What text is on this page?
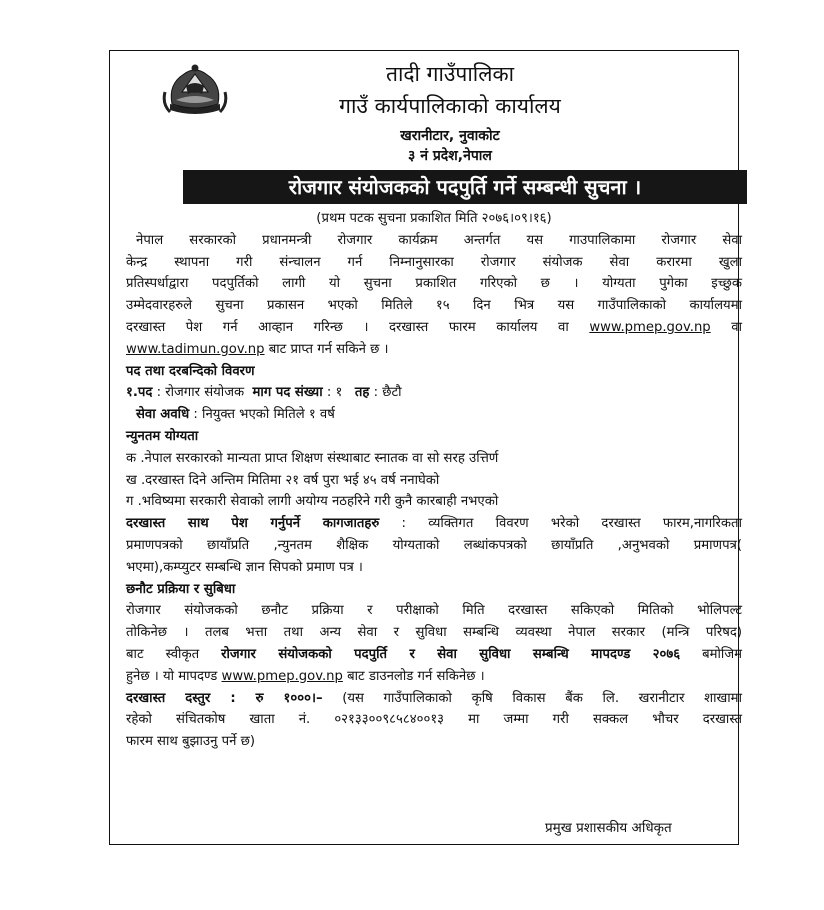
तादी गाउँपालिका
गाउँ कार्यपालिकाको कार्यालय
खरानीटार, नुवाकोट
३ नं प्रदेश,नेपाल
रोजगार संयोजकको पदपुर्ति गर्ने सम्बन्धी सुचना ।
(प्रथम पटक सुचना प्रकाशित मिति २०७६।०९।१६)
नेपाल सरकारको प्रधानमन्त्री रोजगार कार्यक्रम अन्तर्गत यस गाउपालिकामा रोजगार सेवा
केन्द्र स्थापना गरी संन्चालन गर्न निम्नानुसारका रोजगार संयोजक सेवा करारमा खुला
प्रतिस्पर्धाद्वारा पदपुर्तिको लागी यो सुचना प्रकाशित गरिएको छ । योग्यता पुगेका इच्छुक
उम्मेदवारहरुले सुचना प्रकासन भएको मितिले १५ दिन भित्र यस गाउँपालिकाको कार्यालयमा
दरखास्त पेश गर्न आव्हान गरिन्छ । दरखास्त फारम कार्यालय वा www.pmep.gov.np वा
www.tadimun.gov.np बाट प्राप्त गर्न सकिने छ ।
पद तथा दरबन्दिको विवरण
१.पद : रोजगार संयोजक माग पद संख्या : १ तह : छैटौ
सेवा अवधि : नियुक्त भएको मितिले १ वर्ष
न्युनतम योग्यता
क .नेपाल सरकारको मान्यता प्राप्त शिक्षण संस्थाबाट स्नातक वा सो सरह उत्तिर्ण
ख .दरखास्त दिने अन्तिम मितिमा २१ वर्ष पुरा भई ४५ वर्ष ननाघेको
ग .भविष्यमा सरकारी सेवाको लागी अयोग्य नठहरिने गरी कुनै कारबाही नभएको
दरखास्त साथ पेश गर्नुपर्ने कागजातहरु : व्यक्तिगत विवरण भरेको दरखास्त फारम,नागरिकता
प्रमाणपत्रको छायाँप्रति ,न्युनतम शैक्षिक योग्यताको लब्धांकपत्रको छायाँप्रति ,अनुभवको प्रमाणपत्र(
भएमा),कम्प्युटर सम्बन्धि ज्ञान सिपको प्रमाण पत्र ।
छनौट प्रक्रिया र सुबिधा
रोजगार संयोजकको छनौट प्रक्रिया र परीक्षाको मिति दरखास्त सकिएको मितिको भोलिपल्ट
तोकिनेछ । तलब भत्ता तथा अन्य सेवा र सुविधा सम्बन्धि व्यवस्था नेपाल सरकार (मन्त्रि परिषद)
बाट स्वीकृत रोजगार संयोजकको पदपुर्ति र सेवा सुविधा सम्बन्धि मापदण्ड २०७६ बमोजिम
हुनेछ । यो मापदण्ड www.pmep.gov.np बाट डाउनलोड गर्न सकिनेछ ।
दरखास्त दस्तुर : रु १०००।– (यस गाउँपालिकाको कृषि विकास बैंक लि. खरानीटार शाखामा
रहेको संचितकोष खाता नं. ०२१३३००९८५८४००१३ मा जम्मा गरी सक्कल भौचर दरखास्त
फारम साथ बुझाउनु पर्ने छ)
प्रमुख प्रशासकीय अधिकृत
